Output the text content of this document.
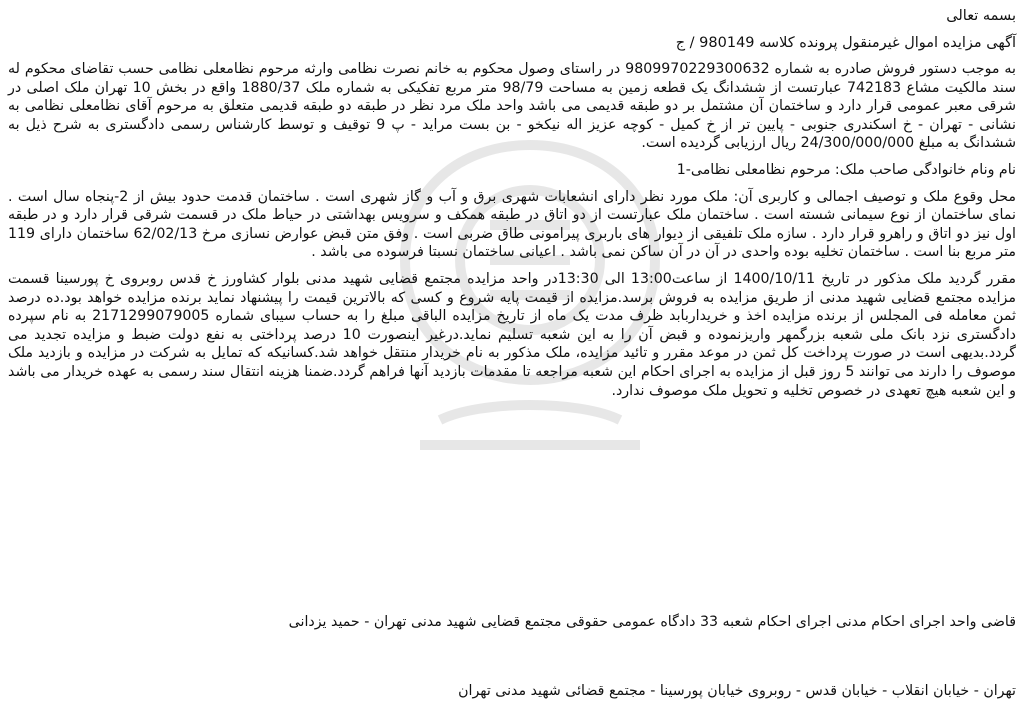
بسمه تعالی

آگهی مزایده اموال غیرمنقول پرونده کلاسه 980149 / ج

به موجب دستور فروش صادره به شماره 9809970229300632 در راستای وصول محکوم به خانم نصرت نظامی وارثه مرحوم نظامعلی نظامی حسب تقاضای محکوم له سند مالکیت مشاع 742183 عبارتست از ششدانگ یک قطعه زمین به مساحت 98/79 متر مربع تفکیکی به شماره ملک 1880/37 واقع در بخش 10 تهران ملک اصلی در شرقی معبر عمومی قرار دارد و ساختمان آن مشتمل بر دو طبقه قدیمی می باشد واحد ملک مرد نظر در طبقه دو طبقه قدیمی متعلق به مرحوم آقای نظامعلی نظامی به نشانی - تهران - خ اسکندری جنوبی - پایین تر از خ کمیل - کوچه عزیز اله نیکخو - بن بست مراید - پ 9 توقیف و توسط کارشناس رسمی دادگستری به شرح ذیل به ششدانگ به مبلغ 24/300/000/000 ریال ارزیابی گردیده است.

نام ونام خانوادگی صاحب ملک: مرحوم نظامعلی نظامی-1

محل وقوع ملک و توصیف اجمالی و کاربری آن: ملک مورد نظر دارای انشعابات شهری برق و آب و گاز شهری است . ساختمان قدمت حدود بیش از 2-پنجاه سال است . نمای ساختمان از نوع سیمانی شسته است . ساختمان ملک عبارتست از دو اتاق در طبقه همکف و سرویس بهداشتی در حیاط ملک در قسمت شرقی قرار دارد و در طبقه اول نیز دو اتاق و راهرو قرار دارد . سازه ملک تلفیقی از دیوار های باربری پیرامونی طاق ضربی است . وفق متن قبض عوارض نسازی مرخ 62/02/13 ساختمان دارای 119 متر مربع بنا است . ساختمان تخلیه بوده واحدی در آن در آن ساکن نمی باشد . اعیانی ساختمان نسبتا فرسوده می باشد .

مقرر گردید ملک مذکور در تاریخ 1400/10/11 از ساعت13:00 الی 13:30در واحد مزایده مجتمع قضایی شهید مدنی بلوار کشاورز خ قدس روبروی خ پورسینا قسمت مزایده مجتمع قضایی شهید مدنی از طریق مزایده به فروش برسد.مزایده از قیمت پایه شروع و کسی که بالاترین قیمت را پیشنهاد نماید برنده مزایده خواهد بود.ده درصد ثمن معامله فی المجلس از برنده مزایده اخذ و خریداربابد ظرف مدت یک ماه از تاریخ مزایده الباقی مبلغ را به حساب سیبای شماره 2171299079005 به نام سپرده دادگستری نزد بانک ملی شعبه بزرگمهر واریزنموده و قبض آن را به این شعبه تسلیم نماید.درغیر اینصورت 10 درصد پرداختی به نفع دولت ضبط و مزایده تجدید می گردد.بدیهی است در صورت پرداخت کل ثمن در موعد مقرر و تائید مزایده، ملک مذکور به نام خریدار منتقل خواهد شد.کسانیکه که تمایل به شرکت در مزایده و بازدید ملک موصوف را دارند می توانند 5 روز قبل از مزایده به اجرای احکام این شعبه مراجعه تا مقدمات بازدید آنها فراهم گردد.ضمنا هزینه انتقال سند رسمی به عهده خریدار می باشد و این شعبه هیچ تعهدی در خصوص تخلیه و تحویل ملک موصوف ندارد.

قاضی واحد اجرای احکام مدنی اجرای احکام شعبه 33 دادگاه عمومی حقوقی مجتمع قضایی شهید مدنی تهران - حمید یزدانی

تهران - خیابان انقلاب - خیابان قدس - روبروی خیابان پورسینا - مجتمع قضائی شهید مدنی تهران
